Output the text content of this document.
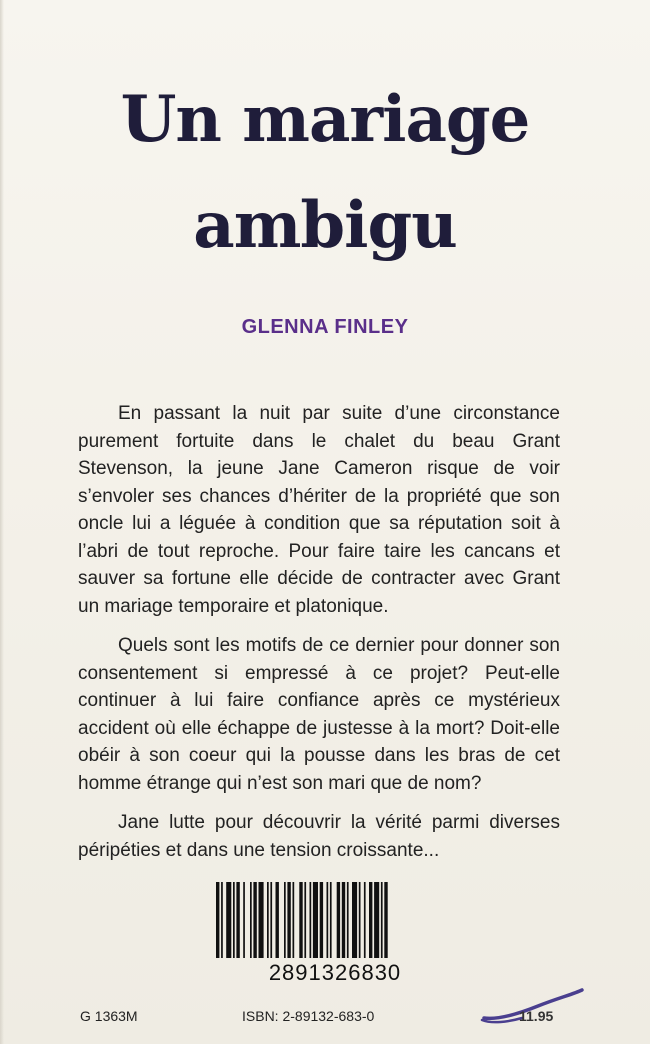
Un mariage
ambigu
GLENNA FINLEY

En passant la nuit par suite d’une circonstance purement fortuite dans le chalet du beau Grant Stevenson, la jeune Jane Cameron risque de voir s’envoler ses chances d’hériter de la propriété que son oncle lui a léguée à condition que sa réputation soit à l’abri de tout reproche. Pour faire taire les cancans et sauver sa fortune elle décide de contracter avec Grant un mariage temporaire et platonique.

Quels sont les motifs de ce dernier pour donner son consentement si empressé à ce projet? Peut-elle continuer à lui faire confiance après ce mystérieux accident où elle échappe de justesse à la mort? Doit-elle obéir à son coeur qui la pousse dans les bras de cet homme étrange qui n’est son mari que de nom?

Jane lutte pour découvrir la vérité parmi diverses péripéties et dans une tension croissante...

2891326830
G 1363M	ISBN: 2-89132-683-0	11.95
